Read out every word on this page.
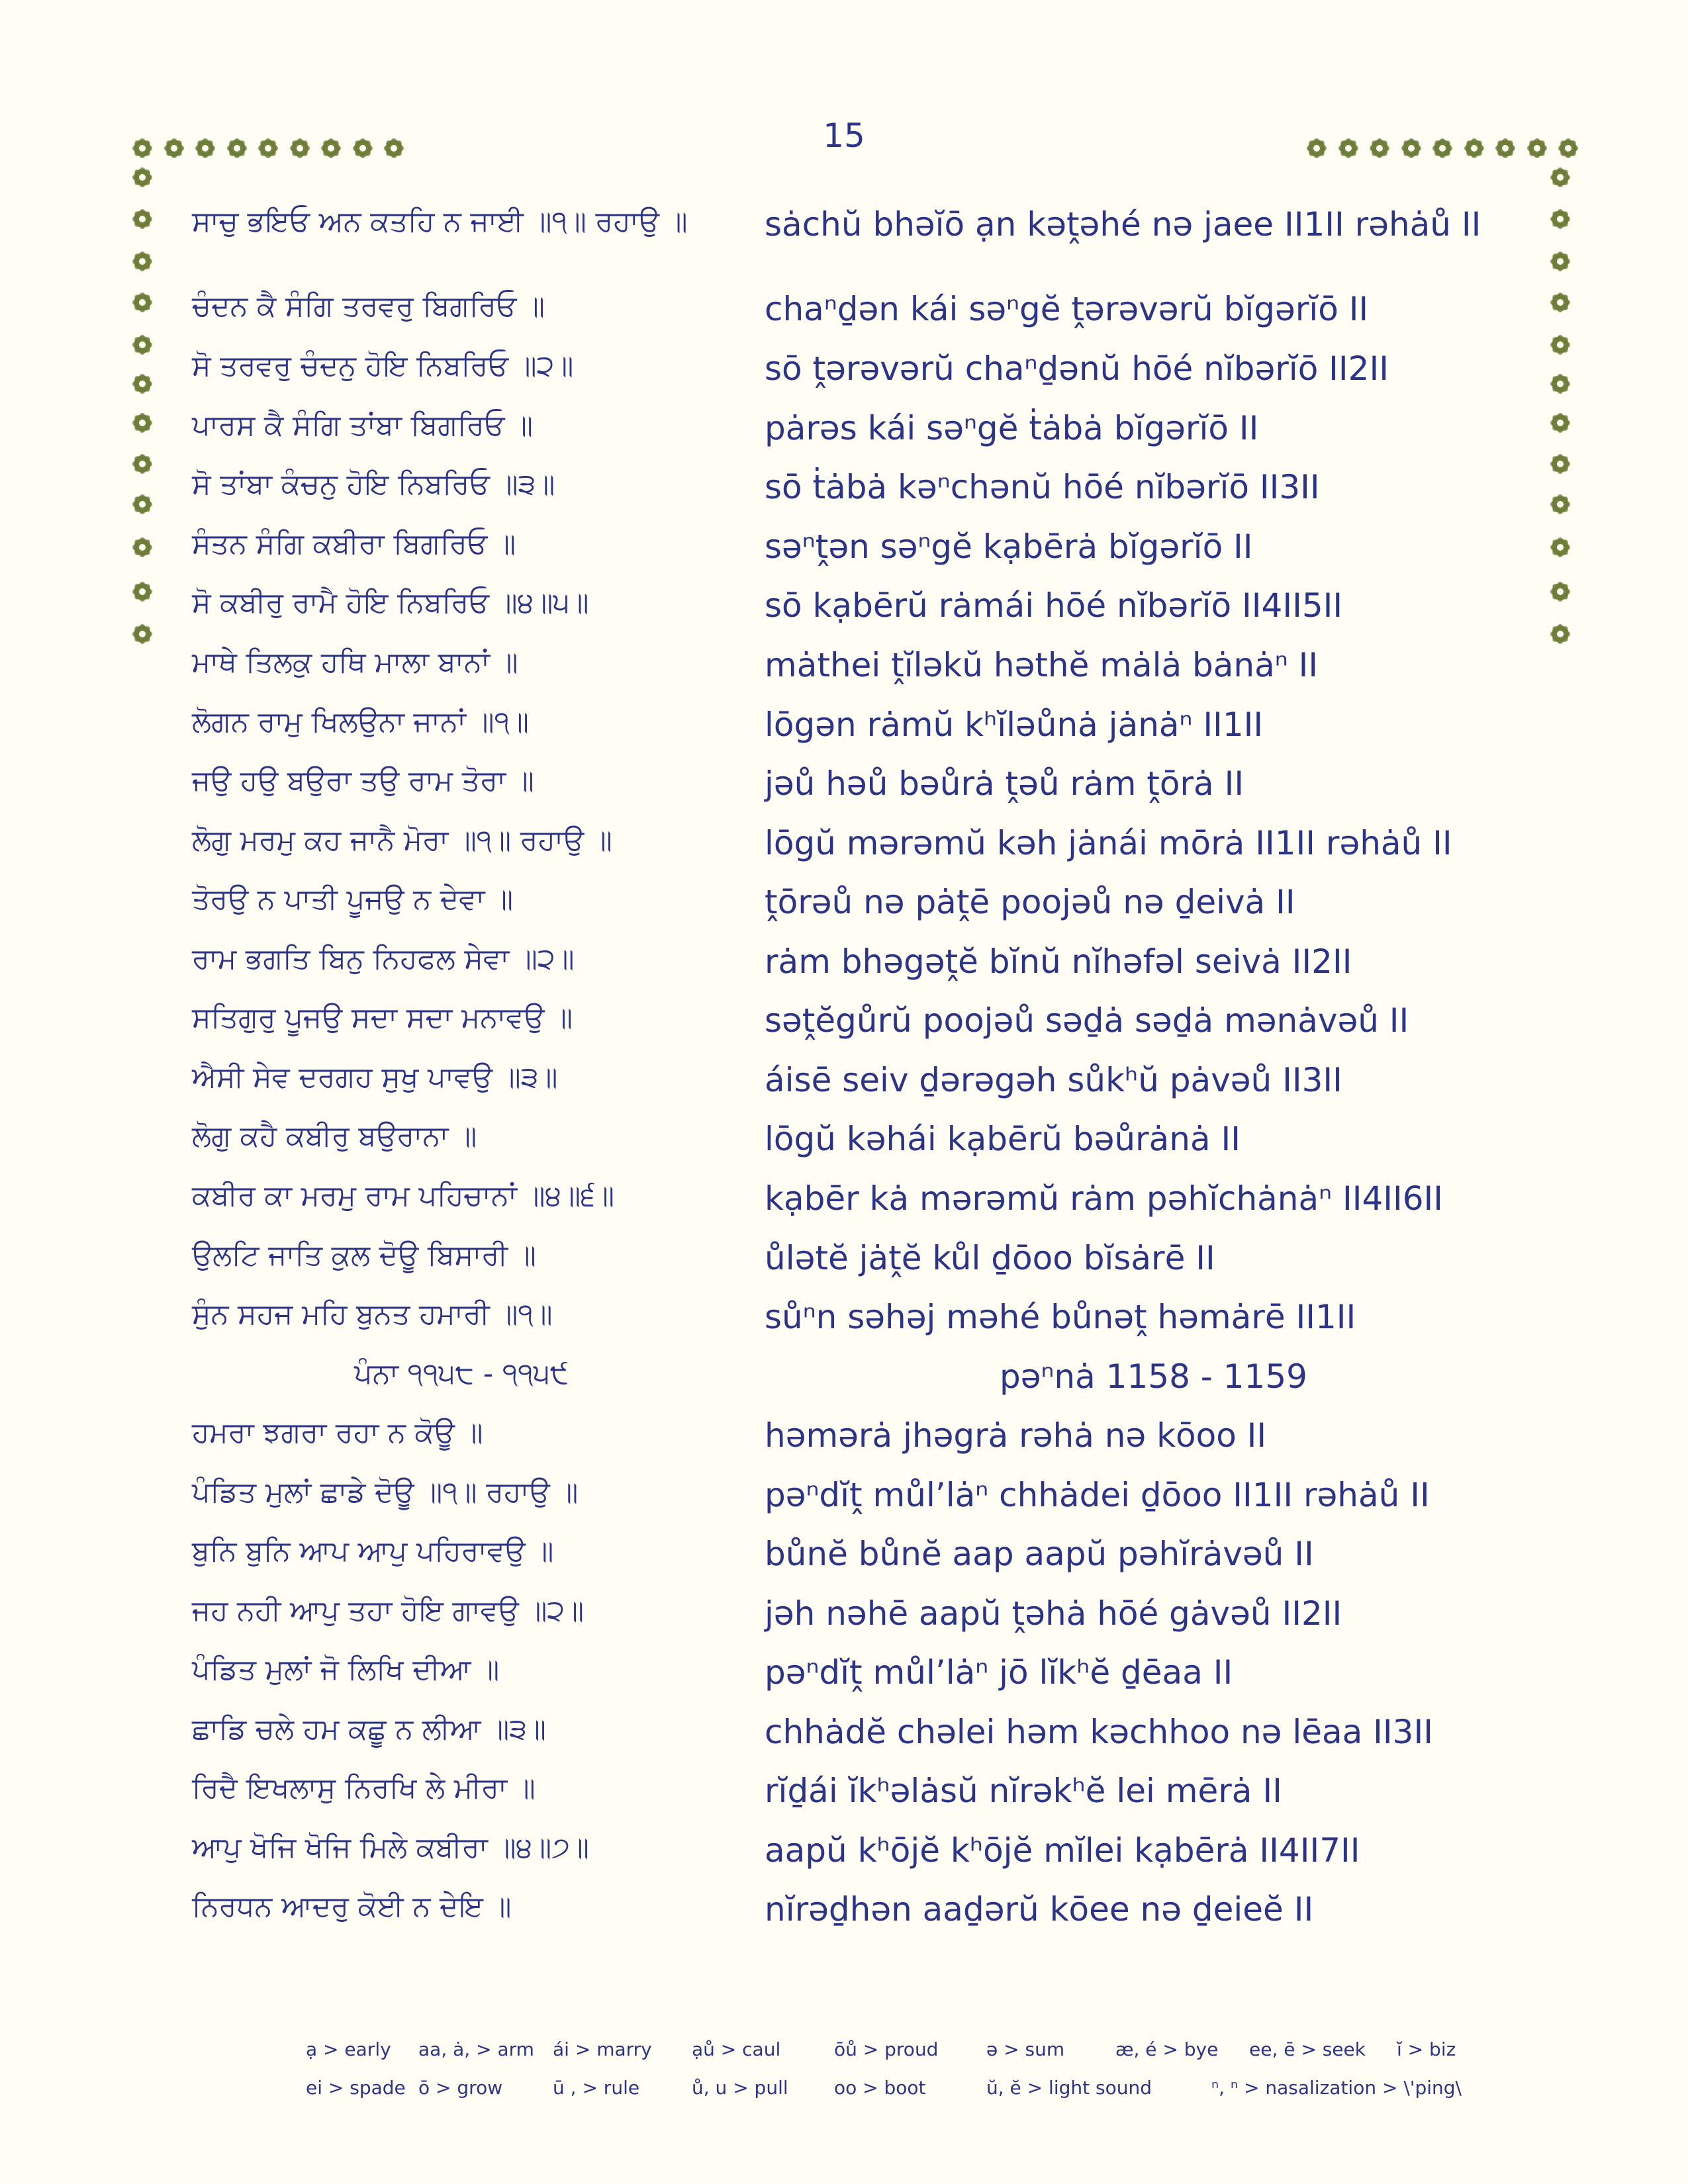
15
ਸਾਚੁ ਭਇਓ ਅਨ ਕਤਹਿ ਨ ਜਾਈ ॥੧॥ ਰਹਾਉ ॥ sȧchŭ bhəĭō ạn kəṱəhé nə jaee II1II rəhȧů II
ਚੰਦਨ ਕੈ ਸੰਗਿ ਤਰਵਰੁ ਬਿਗਰਿਓ ॥	chaⁿḏən kái səⁿgĕ ṱərəvərŭ bĭgərĭō II
ਸੋ ਤਰਵਰੁ ਚੰਦਨੁ ਹੋਇ ਨਿਬਰਿਓ ॥੨॥	sō ṱərəvərŭ chaⁿḏənŭ hōé nĭbərĭō II2II
ਪਾਰਸ ਕੈ ਸੰਗਿ ਤਾਂਬਾ ਬਿਗਰਿਓ ॥	pȧrəs kái səⁿgĕ ṫȧbȧ bĭgərĭō II
ਸੋ ਤਾਂਬਾ ਕੰਚਨੁ ਹੋਇ ਨਿਬਰਿਓ ॥੩॥	sō ṫȧbȧ kəⁿchənŭ hōé nĭbərĭō II3II
ਸੰਤਨ ਸੰਗਿ ਕਬੀਰਾ ਬਿਗਰਿਓ ॥	səⁿṱən səⁿgĕ kạbērȧ bĭgərĭō II
ਸੋ ਕਬੀਰੁ ਰਾਮੈ ਹੋਇ ਨਿਬਰਿਓ ॥੪॥੫॥	sō kạbērŭ rȧmái hōé nĭbərĭō II4II5II
ਮਾਥੇ ਤਿਲਕੁ ਹਥਿ ਮਾਲਾ ਬਾਨਾਂ ॥	mȧthei ṱĭləkŭ həthĕ mȧlȧ bȧnȧⁿ II
ਲੋਗਨ ਰਾਮੁ ਖਿਲਉਨਾ ਜਾਨਾਂ ॥੧॥	lōgən rȧmŭ kʰĭləůnȧ jȧnȧⁿ II1II
ਜਉ ਹਉ ਬਉਰਾ ਤਉ ਰਾਮ ਤੋਰਾ ॥	jəů həů bəůrȧ ṱəů rȧm ṱōrȧ II
ਲੋਗੁ ਮਰਮੁ ਕਹ ਜਾਨੈ ਮੋਰਾ ॥੧॥ ਰਹਾਉ ॥	lōgŭ mərəmŭ kəh jȧnái mōrȧ II1II rəhȧů II
ਤੋਰਉ ਨ ਪਾਤੀ ਪੂਜਉ ਨ ਦੇਵਾ ॥	ṱōrəů nə pȧṱē poojəů nə ḏeivȧ II
ਰਾਮ ਭਗਤਿ ਬਿਨੁ ਨਿਹਫਲ ਸੇਵਾ ॥੨॥	rȧm bhəgəṱĕ bĭnŭ nĭhəfəl seivȧ II2II
ਸਤਿਗੁਰੁ ਪੂਜਉ ਸਦਾ ਸਦਾ ਮਨਾਵਉ ॥	səṱĕgůrŭ poojəů səḏȧ səḏȧ mənȧvəů II
ਐਸੀ ਸੇਵ ਦਰਗਹ ਸੁਖੁ ਪਾਵਉ ॥੩॥	áisē seiv ḏərəgəh sůkʰŭ pȧvəů II3II
ਲੋਗੁ ਕਹੈ ਕਬੀਰੁ ਬਉਰਾਨਾ ॥	lōgŭ kəhái kạbērŭ bəůrȧnȧ II
ਕਬੀਰ ਕਾ ਮਰਮੁ ਰਾਮ ਪਹਿਚਾਨਾਂ ॥੪॥੬॥	kạbēr kȧ mərəmŭ rȧm pəhĭchȧnȧⁿ II4II6II
ਉਲਟਿ ਜਾਤਿ ਕੁਲ ਦੋਊ ਬਿਸਾਰੀ ॥	ůlətĕ jȧṱĕ kůl ḏōoo bĭsȧrē II
ਸੁੰਨ ਸਹਜ ਮਹਿ ਬੁਨਤ ਹਮਾਰੀ ॥੧॥	sůⁿn səhəj məhé bůnəṱ həmȧrē II1II
ਪੰਨਾ ੧੧੫੮ - ੧੧੫੯	pəⁿnȧ 1158 - 1159
ਹਮਰਾ ਝਗਰਾ ਰਹਾ ਨ ਕੋਊ ॥	həmərȧ jhəgrȧ rəhȧ nə kōoo II
ਪੰਡਿਤ ਮੁਲਾਂ ਛਾਡੇ ਦੋਊ ॥੧॥ ਰਹਾਉ ॥	pəⁿdĭṱ můl’lȧⁿ chhȧdei ḏōoo II1II rəhȧů II
ਬੁਨਿ ਬੁਨਿ ਆਪ ਆਪੁ ਪਹਿਰਾਵਉ ॥	bůnĕ bůnĕ aap aapŭ pəhĭrȧvəů II
ਜਹ ਨਹੀ ਆਪੁ ਤਹਾ ਹੋਇ ਗਾਵਉ ॥੨॥	jəh nəhē aapŭ ṱəhȧ hōé gȧvəů II2II
ਪੰਡਿਤ ਮੁਲਾਂ ਜੋ ਲਿਖਿ ਦੀਆ ॥	pəⁿdĭṱ můl’lȧⁿ jō lĭkʰĕ ḏēaa II
ਛਾਡਿ ਚਲੇ ਹਮ ਕਛੂ ਨ ਲੀਆ ॥੩॥	chhȧdĕ chəlei həm kəchhoo nə lēaa II3II
ਰਿਦੈ ਇਖਲਾਸੁ ਨਿਰਖਿ ਲੇ ਮੀਰਾ ॥	rĭḏái ĭkʰəlȧsŭ nĭrəkʰĕ lei mērȧ II
ਆਪੁ ਖੋਜਿ ਖੋਜਿ ਮਿਲੇ ਕਬੀਰਾ ॥੪॥੭॥	aapŭ kʰōjĕ kʰōjĕ mĭlei kạbērȧ II4II7II
ਨਿਰਧਨ ਆਦਰੁ ਕੋਈ ਨ ਦੇਇ ॥	nĭrəḏhən aaḏərŭ kōee nə ḏeieĕ II
ạ > early aa, ȧ, > arm ái > marry ạů > caul	ōů > proud	ə > sum	æ, é > bye ee, ē > seek ĭ > biz
ei > spade ō > grow	ū , > rule	ů, u > pull oo > boot	ŭ, ĕ > light sound	ⁿ, ⁿ > nasalization > \'ping\
